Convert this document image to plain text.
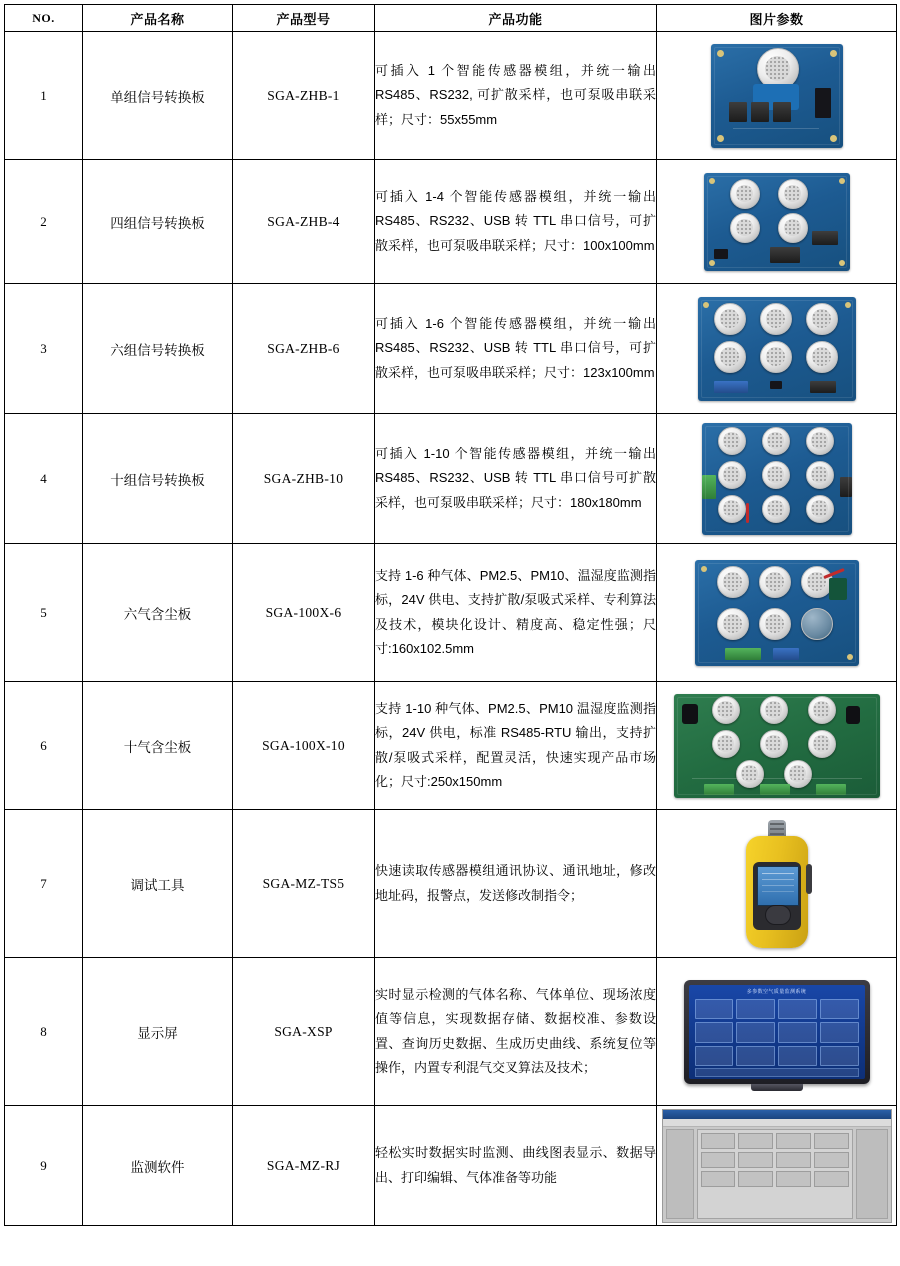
NO.	产品名称	产品型号	产品功能	图片参数
1	单组信号转换板	SGA-ZHB-1	可插入 1 个智能传感器模组，并统一输出 RS485、RS232, 可扩散采样，也可泵吸串联采样；尺寸：55x55mm	

2	四组信号转换板	SGA-ZHB-4	可插入 1-4 个智能传感器模组，并统一输出 RS485、RS232、USB 转 TTL 串口信号，可扩散采样，也可泵吸串联采样；尺寸：100x100mm	

3	六组信号转换板	SGA-ZHB-6	可插入 1-6 个智能传感器模组，并统一输出 RS485、RS232、USB 转 TTL 串口信号，可扩散采样，也可泵吸串联采样；尺寸：123x100mm	

4	十组信号转换板	SGA-ZHB-10	可插入 1-10 个智能传感器模组，并统一输出 RS485、RS232、USB 转 TTL 串口信号可扩散采样，也可泵吸串联采样；尺寸：180x180mm	

5	六气含尘板	SGA-100X-6	支持 1-6 种气体、PM2.5、PM10、温湿度监测指标，24V 供电、支持扩散/泵吸式采样、专利算法及技术，模块化设计、精度高、稳定性强；尺寸:160x102.5mm	

6	十气含尘板	SGA-100X-10	支持 1-10 种气体、PM2.5、PM10 温湿度监测指标，24V 供电，标准 RS485-RTU 输出，支持扩散/泵吸式采样，配置灵活，快速实现产品市场化；尺寸:250x150mm	

7	调试工具	SGA-MZ-TS5	快速读取传感器模组通讯协议、通讯地址，修改地址码，报警点，发送修改制指令；	

8	显示屏	SGA-XSP	实时显示检测的气体名称、气体单位、现场浓度值等信息，实现数据存储、数据校准、参数设置、查询历史数据、生成历史曲线、系统复位等操作，内置专利混气交叉算法及技术；	多参数空气质量监测系统

9	监测软件	SGA-MZ-RJ	轻松实时数据实时监测、曲线图表显示、数据导出、打印编辑、气体准备等功能	
